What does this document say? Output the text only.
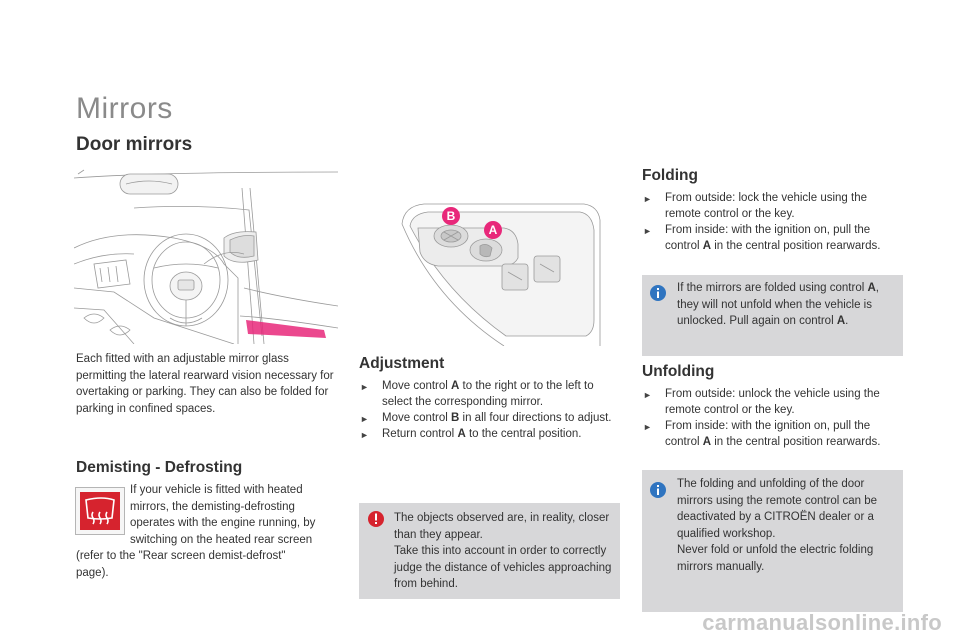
Mirrors
Door mirrors

Each fitted with an adjustable mirror glass permitting the lateral rearward vision necessary for overtaking or parking. They can also be folded for parking in confined spaces.

Demisting - Defrosting
If your vehicle is fitted with heated
mirrors, the demisting-defrosting
operates with the engine running, by
switching on the heated rear screen

(refer to the "Rear screen demist-defrost" page).

B
A
Adjustment
► Move control A to the right or to the left to select the corresponding mirror.
► Move control B in all four directions to adjust.
► Return control A to the central position.
The objects observed are, in reality, closer than they appear.
Take this into account in order to correctly judge the distance of vehicles approaching from behind.
Folding
► From outside: lock the vehicle using the remote control or the key.
► From inside: with the ignition on, pull the control A in the central position rearwards.
If the mirrors are folded using control A, they will not unfold when the vehicle is unlocked. Pull again on control A.
Unfolding
► From outside: unlock the vehicle using the remote control or the key.
► From inside: with the ignition on, pull the control A in the central position rearwards.
The folding and unfolding of the door mirrors using the remote control can be deactivated by a CITROËN dealer or a qualified workshop.
Never fold or unfold the electric folding mirrors manually.
carmanualsonline.info
